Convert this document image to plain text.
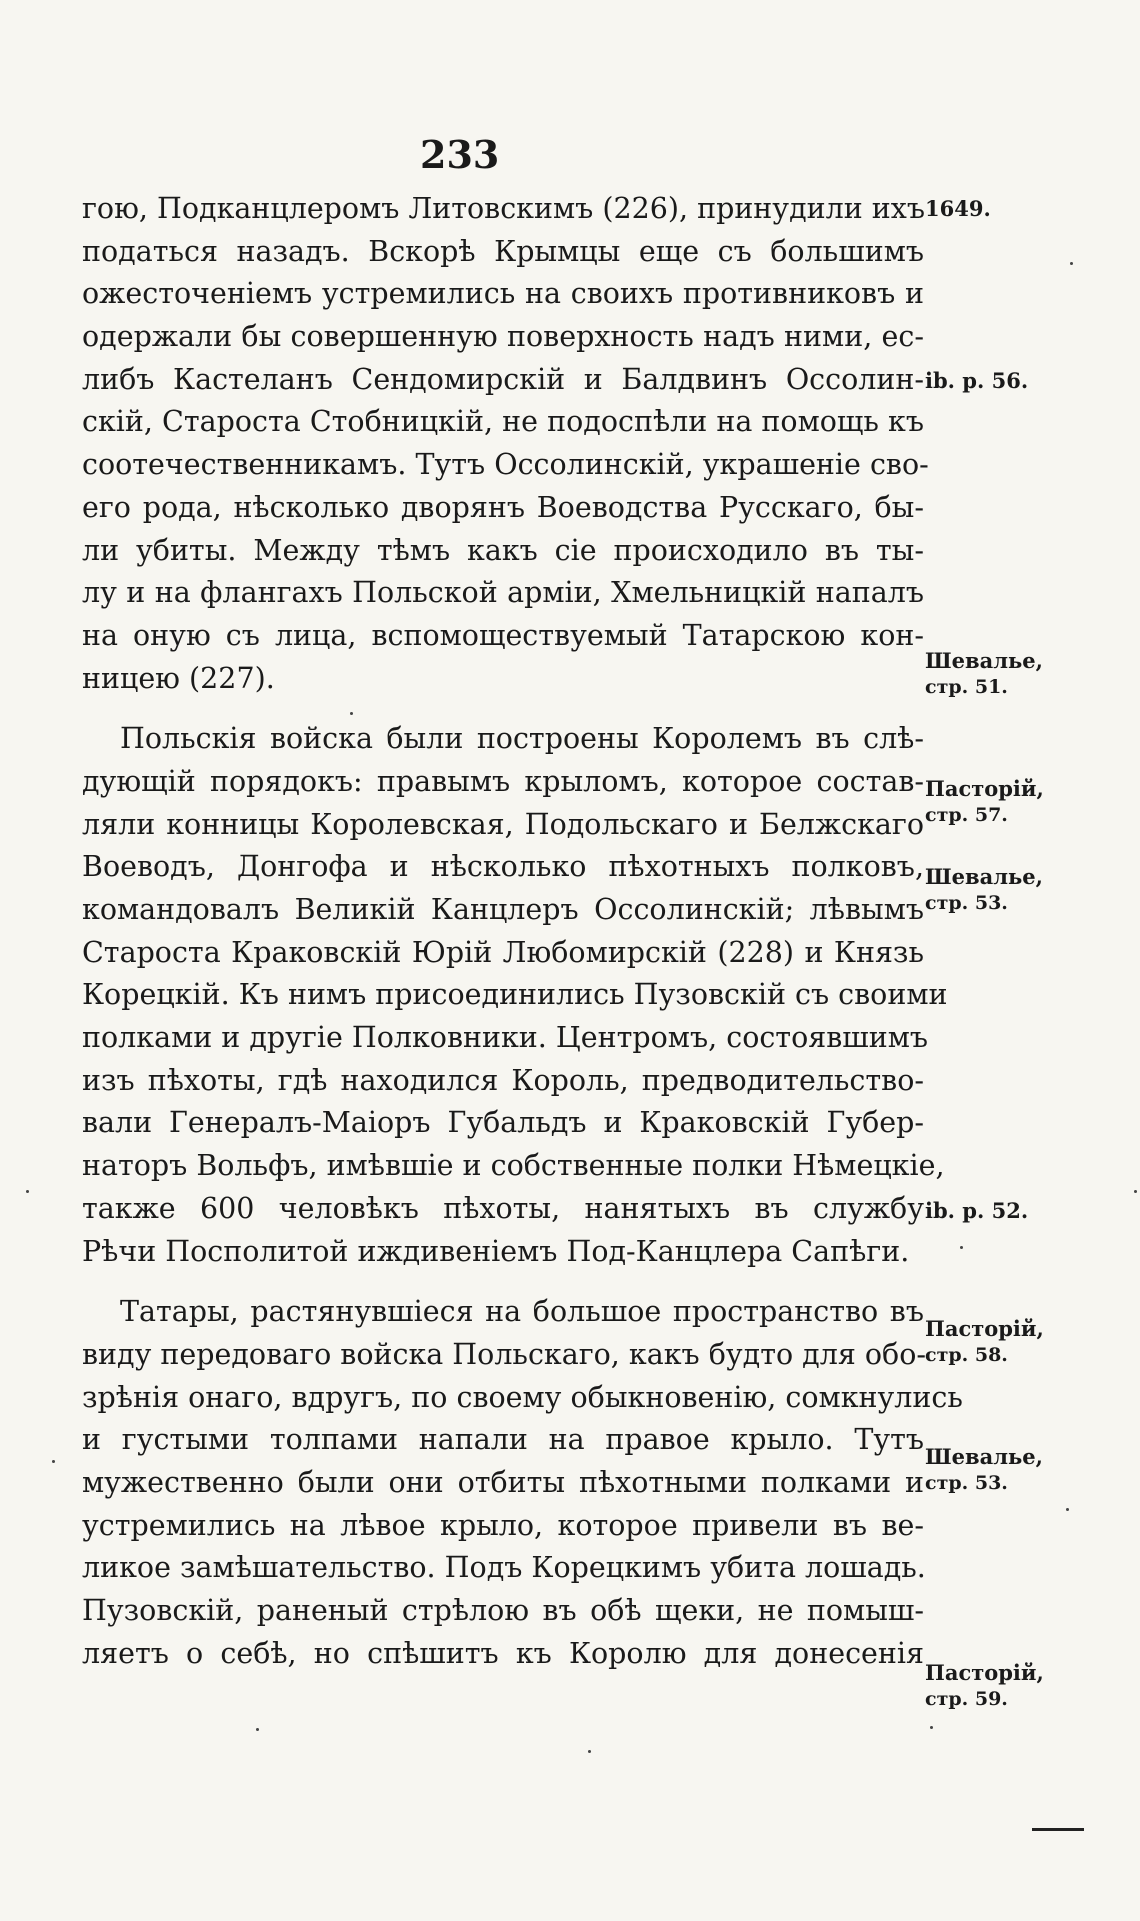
233

гою, Подканцлеромъ Литовскимъ (226), принудили ихъ
податься назадъ. Вскорѣ Крымцы еще съ большимъ
ожесточеніемъ устремились на своихъ противниковъ и
одержали бы совершенную поверхность надъ ними, ес-
либъ Кастеланъ Сендомирскій и Балдвинъ Оссолин-
скій, Староста Стобницкій, не подоспѣли на помощь къ
соотечественникамъ. Тутъ Оссолинскій, украшеніе сво-
его рода, нѣсколько дворянъ Воеводства Русскаго, бы-
ли убиты. Между тѣмъ какъ сіе происходило въ ты-
лу и на флангахъ Польской арміи, Хмельницкій напалъ
на оную съ лица, вспомоществуемый Татарскою кон-
ницею (227).

Польскія войска были построены Королемъ въ слѣ-
дующій порядокъ: правымъ крыломъ, которое состав-
ляли конницы Королевская, Подольскаго и Белжскаго
Воеводъ, Донгофа и нѣсколько пѣхотныхъ полковъ,
командовалъ Великій Канцлеръ Оссолинскій; лѣвымъ
Староста Краковскій Юрій Любомирскій (228) и Князь
Корецкій. Къ нимъ присоединились Пузовскій съ своими
полками и другіе Полковники. Центромъ, состоявшимъ
изъ пѣхоты, гдѣ находился Король, предводительство-
вали Генералъ-Маіоръ Губальдъ и Краковскій Губер-
наторъ Вольфъ, имѣвшіе и собственные полки Нѣмецкіе,
также 600 человѣкъ пѣхоты, нанятыхъ въ службу
Рѣчи Посполитой иждивеніемъ Под-Канцлера Сапѣги.

Татары, растянувшіеся на большое пространство въ
виду передоваго войска Польскаго, какъ будто для обо-
зрѣнія онаго, вдругъ, по своему обыкновенію, сомкнулись
и густыми толпами напали на правое крыло. Тутъ
мужественно были они отбиты пѣхотными полками и
устремились на лѣвое крыло, которое привели въ ве-
ликое замѣшательство. Подъ Корецкимъ убита лошадь.
Пузовскій, раненый стрѣлою въ обѣ щеки, не помыш-
ляетъ о себѣ, но спѣшитъ къ Королю для донесенія

1649.
ib. p. 56.
Шевалье,
стр. 51.
Пасторій,
стр. 57.
Шевалье,
стр. 53.
ib. p. 52.
Пасторій,
стр. 58.
Шевалье,
стр. 53.
Пасторій,
стр. 59.
